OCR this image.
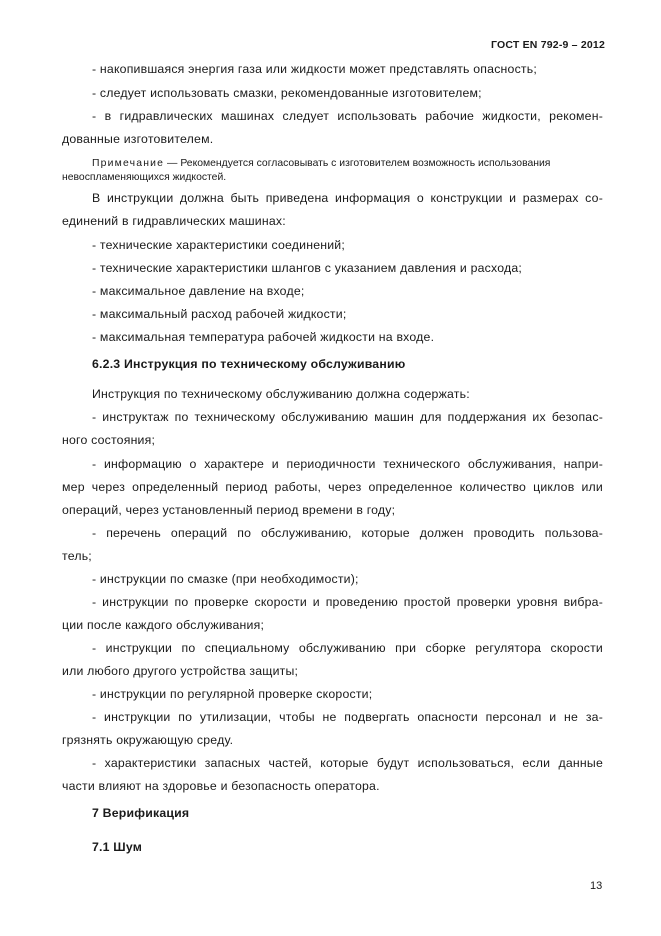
ГОСТ EN 792-9 – 2012
- накопившаяся энергия газа или жидкости может представлять опасность;
- следует использовать смазки, рекомендованные изготовителем;
- в гидравлических машинах следует использовать рабочие жидкости, рекомен-
дованные изготовителем.
Примечание — Рекомендуется согласовывать с изготовителем возможность использования
невоспламеняющихся жидкостей.
В инструкции должна быть приведена информация о конструкции и размерах со-
единений в гидравлических машинах:
- технические характеристики соединений;
- технические характеристики шлангов с указанием давления и расхода;
- максимальное давление на входе;
- максимальный расход рабочей жидкости;
- максимальная температура рабочей жидкости на входе.
6.2.3 Инструкция по техническому обслуживанию
Инструкция по техническому обслуживанию должна содержать:
- инструктаж по техническому обслуживанию машин для поддержания их безопас-
ного состояния;
- информацию о характере и периодичности технического обслуживания, напри-
мер через определенный период работы, через определенное количество циклов или
операций, через установленный период времени в году;
- перечень операций по обслуживанию, которые должен проводить пользова-
тель;
- инструкции по смазке (при необходимости);
- инструкции по проверке скорости и проведению простой проверки уровня вибра-
ции после каждого обслуживания;
- инструкции по специальному обслуживанию при сборке регулятора скорости
или любого другого устройства защиты;
- инструкции по регулярной проверке скорости;
- инструкции по утилизации, чтобы не подвергать опасности персонал и не за-
грязнять окружающую среду.
- характеристики запасных частей, которые будут использоваться, если данные
части влияют на здоровье и безопасность оператора.
7 Верификация
7.1 Шум
13
